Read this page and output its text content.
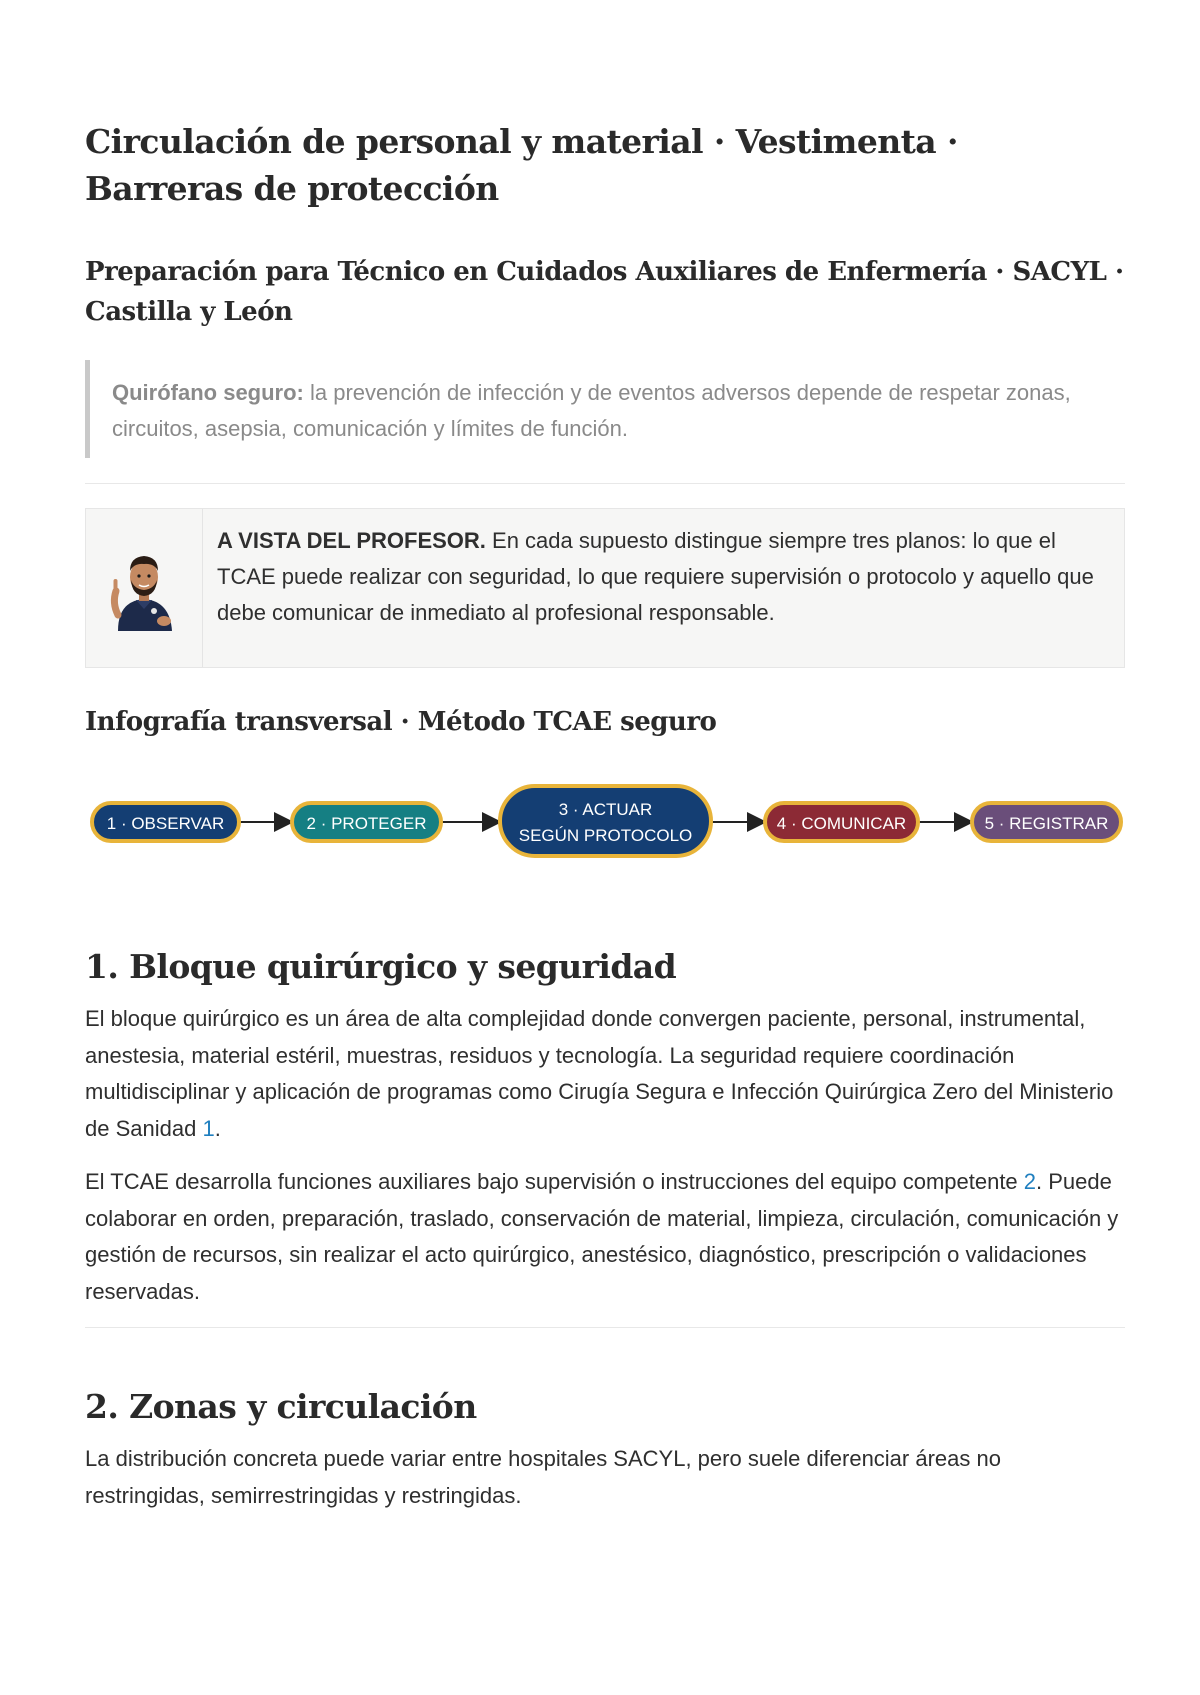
Circulación de personal y material · Vestimenta · Barreras de protección
Preparación para Técnico en Cuidados Auxiliares de Enfermería · SACYL · Castilla y León
Quirófano seguro: la prevención de infección y de eventos adversos depende de respetar zonas, circuitos, asepsia, comunicación y límites de función.
A VISTA DEL PROFESOR. En cada supuesto distingue siempre tres planos: lo que el TCAE puede realizar con seguridad, lo que requiere supervisión o protocolo y aquello que debe comunicar de inmediato al profesional responsable.
Infografía transversal · Método TCAE seguro
1 · OBSERVAR	2 · PROTEGER
3 · ACTUAR
SEGÚN PROTOCOLO
4 · COMUNICAR	5 · REGISTRAR
1. Bloque quirúrgico y seguridad

El bloque quirúrgico es un área de alta complejidad donde convergen paciente, personal, instrumental, anestesia, material estéril, muestras, residuos y tecnología. La seguridad requiere coordinación multidisciplinar y aplicación de programas como Cirugía Segura e Infección Quirúrgica Zero del Ministerio de Sanidad 1.

El TCAE desarrolla funciones auxiliares bajo supervisión o instrucciones del equipo competente 2. Puede colaborar en orden, preparación, traslado, conservación de material, limpieza, circulación, comunicación y gestión de recursos, sin realizar el acto quirúrgico, anestésico, diagnóstico, prescripción o validaciones reservadas.

2. Zonas y circulación

La distribución concreta puede variar entre hospitales SACYL, pero suele diferenciar áreas no restringidas, semirrestringidas y restringidas.
